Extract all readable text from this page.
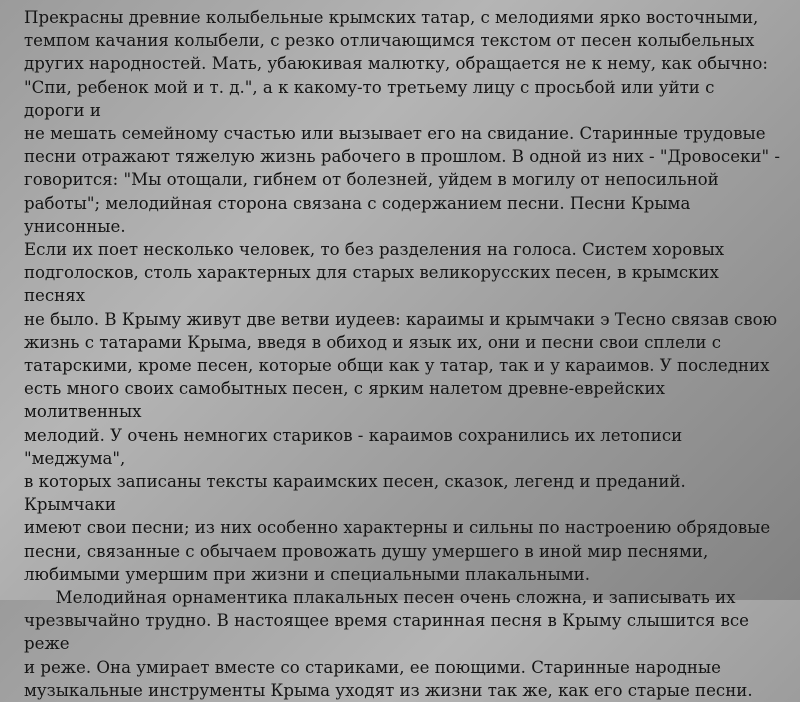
Прекрасны древние колыбельные крымских татар, с мелодиями ярко восточными,
темпом качания колыбели, с резко отличающимся текстом от песен колыбельных
других народностей. Мать, убаюкивая малютку, обращается не к нему, как обычно:
"Спи, ребенок мой и т. д.", а к какому-то третьему лицу с просьбой или уйти с дороги и
не мешать семейному счастью или вызывает его на свидание. Старинные трудовые
песни отражают тяжелую жизнь рабочего в прошлом. В одной из них - "Дровосеки" -
говорится: "Мы отощали, гибнем от болезней, уйдем в могилу от непосильной
работы"; мелодийная сторона связана с содержанием песни. Песни Крыма унисонные.
Если их поет несколько человек, то без разделения на голоса. Систем хоровых
подголосков, столь характерных для старых великорусских песен, в крымских песнях
не было. В Крыму живут две ветви иудеев: караимы и крымчаки э Тесно связав свою
жизнь с татарами Крыма, введя в обиход и язык их, они и песни свои сплели с
татарскими, кроме песен, которые общи как у татар, так и у караимов. У последних
есть много своих самобытных песен, с ярким налетом древне-еврейских молитвенных
мелодий. У очень немногих стариков - караимов сохранились их летописи "меджума",
в которых записаны тексты караимских песен, сказок, легенд и преданий. Крымчаки
имеют свои песни; из них особенно характерны и сильны по настроению обрядовые
песни, связанные с обычаем провожать душу умершего в иной мир песнями,
любимыми умершим при жизни и специальными плакальными.

Мелодийная орнаментика плакальных песен очень сложна, и записывать их
чрезвычайно трудно. В настоящее время старинная песня в Крыму слышится все реже
и реже. Она умирает вместе со стариками, ее поющими. Старинные народные
музыкальные инструменты Крыма уходят из жизни так же, как его старые песни.
